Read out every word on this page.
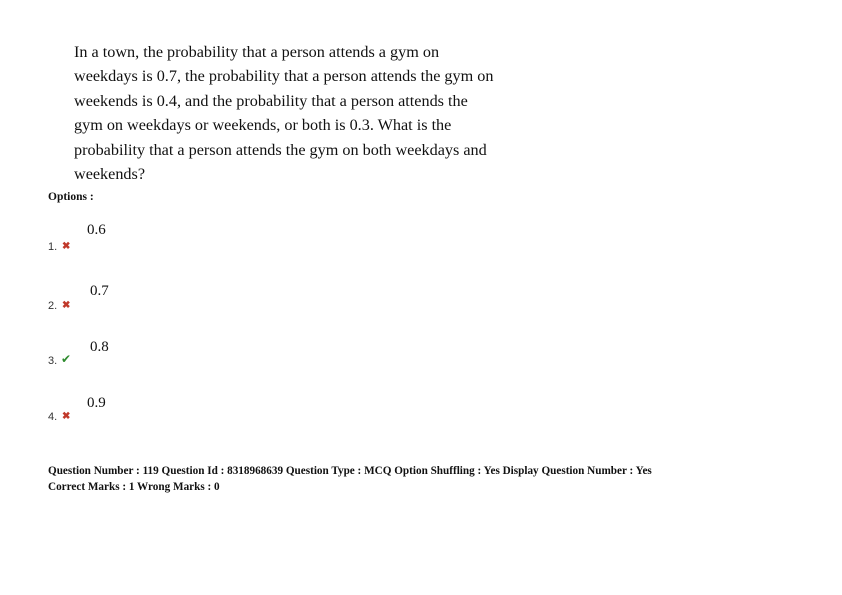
In a town, the probability that a person attends a gym on
weekdays is 0.7, the probability that a person attends the gym on
weekends is 0.4, and the probability that a person attends the
gym on weekdays or weekends, or both is 0.3. What is the
probability that a person attends the gym on both weekdays and
weekends?
Options :
1. ✖
0.6
2. ✖
0.7
3. ✔
0.8
4. ✖
0.9
Question Number : 119 Question Id : 8318968639 Question Type : MCQ Option Shuffling : Yes Display Question Number : Yes
Correct Marks : 1 Wrong Marks : 0
